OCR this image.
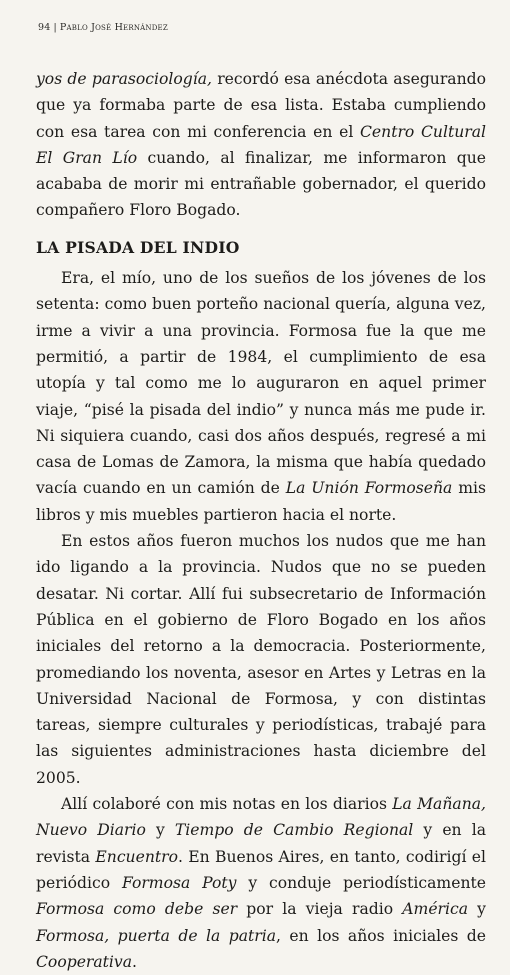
94 | Pablo José Hernández

yos de parasociología, recordó esa anécdota asegurando que ya formaba parte de esa lista. Estaba cumpliendo con esa tarea con mi conferencia en el Centro Cultural El Gran Lío cuando, al finalizar, me informaron que acababa de morir mi entrañable gobernador, el querido compañero Floro Bogado.

LA PISADA DEL INDIO

Era, el mío, uno de los sueños de los jóvenes de los setenta: como buen porteño nacional quería, alguna vez, irme a vivir a una provincia. Formosa fue la que me permitió, a partir de 1984, el cumplimiento de esa utopía y tal como me lo auguraron en aquel primer viaje, “pisé la pisada del indio” y nunca más me pude ir. Ni siquiera cuando, casi dos años después, regresé a mi casa de Lomas de Zamora, la misma que había quedado vacía cuando en un camión de La Unión Formoseña mis libros y mis muebles partieron hacia el norte.

En estos años fueron muchos los nudos que me han ido ligando a la provincia. Nudos que no se pueden desatar. Ni cortar. Allí fui subsecretario de Información Pública en el gobierno de Floro Bogado en los años iniciales del retorno a la democracia. Posteriormente, promediando los noventa, asesor en Artes y Letras en la Universidad Nacional de Formosa, y con distintas tareas, siempre culturales y periodísticas, trabajé para las siguientes administraciones hasta diciembre del 2005.

Allí colaboré con mis notas en los diarios La Mañana, Nuevo Diario y Tiempo de Cambio Regional y en la revista Encuentro. En Buenos Aires, en tanto, codirigí el periódico Formosa Poty y conduje periodísticamente Formosa como debe ser por la vieja radio América y Formosa, puerta de la patria, en los años iniciales de Cooperativa.
